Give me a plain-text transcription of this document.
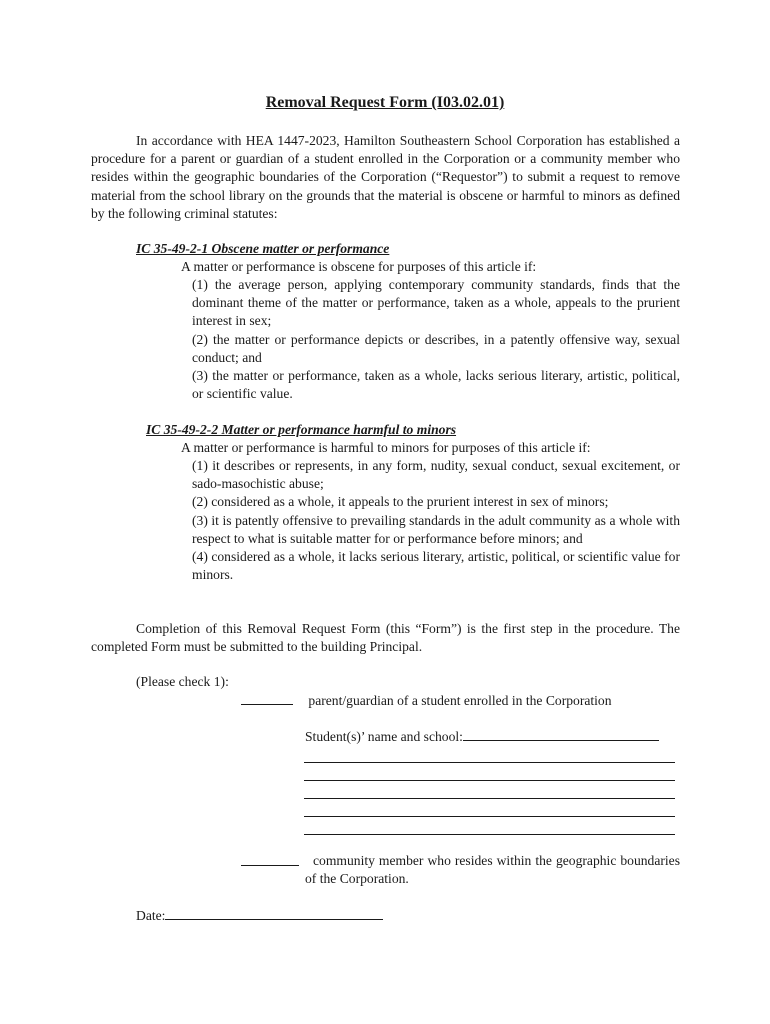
Removal Request Form (I03.02.01)

In accordance with HEA 1447-2023, Hamilton Southeastern School Corporation has established a procedure for a parent or guardian of a student enrolled in the Corporation or a community member who resides within the geographic boundaries of the Corporation (“Requestor”) to submit a request to remove material from the school library on the grounds that the material is obscene or harmful to minors as defined by the following criminal statutes:

IC 35-49-2-1 Obscene matter or performance
A matter or performance is obscene for purposes of this article if:
(1) the average person, applying contemporary community standards, finds that the dominant theme of the matter or performance, taken as a whole, appeals to the prurient interest in sex;
(2) the matter or performance depicts or describes, in a patently offensive way, sexual conduct; and
(3) the matter or performance, taken as a whole, lacks serious literary, artistic, political, or scientific value.
IC 35-49-2-2 Matter or performance harmful to minors
A matter or performance is harmful to minors for purposes of this article if:
(1) it describes or represents, in any form, nudity, sexual conduct, sexual excitement, or sado-masochistic abuse;
(2) considered as a whole, it appeals to the prurient interest in sex of minors;
(3) it is patently offensive to prevailing standards in the adult community as a whole with respect to what is suitable matter for or performance before minors; and
(4) considered as a whole, it lacks serious literary, artistic, political, or scientific value for minors.

Completion of this Removal Request Form (this “Form”) is the first step in the procedure. The completed Form must be submitted to the building Principal.

(Please check 1):
parent/guardian of a student enrolled in the Corporation
Student(s)’ name and school:
community member who resides within the geographic boundaries of the Corporation.
Date:
